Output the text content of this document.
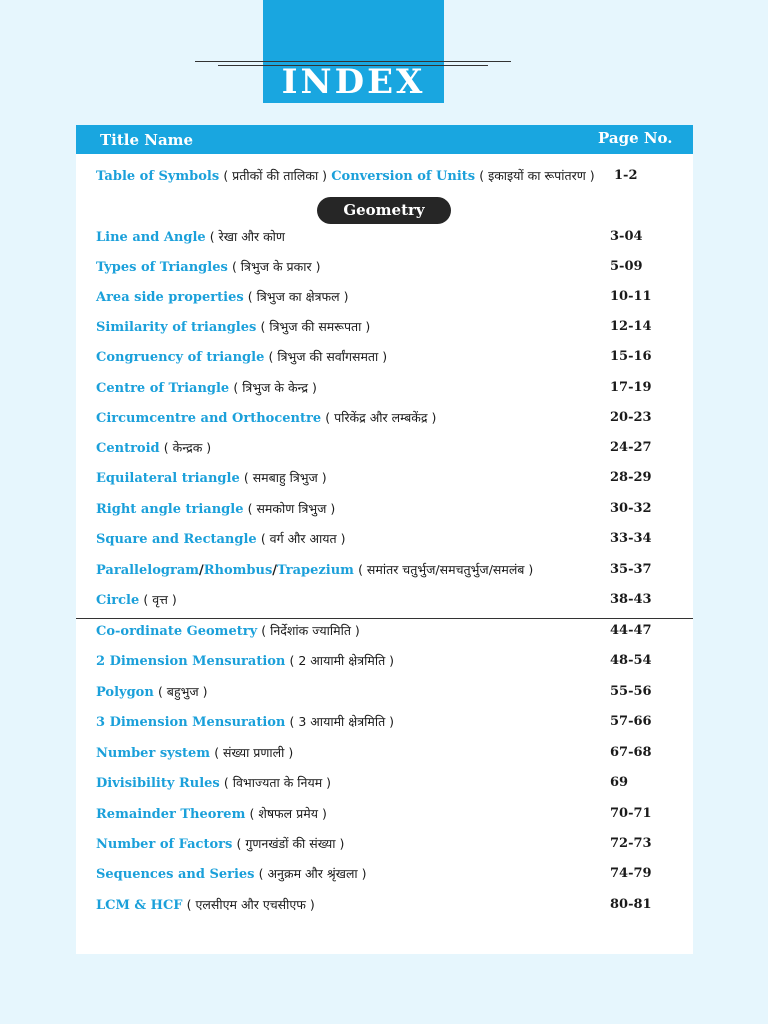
INDEX
Title Name	Page No.
Table of Symbols ( प्रतीकों की तालिका ) Conversion of Units ( इकाइयों का रूपांतरण ) 1-2
Geometry
Line and Angle ( रेखा और कोण	3-04
Types of Triangles ( त्रिभुज के प्रकार )	5-09
Area side properties ( त्रिभुज का क्षेत्रफल )	10-11
Similarity of triangles ( त्रिभुज की समरूपता )	12-14
Congruency of triangle ( त्रिभुज की सर्वांगसमता )	15-16
Centre of Triangle ( त्रिभुज के केन्द्र )	17-19
Circumcentre and Orthocentre ( परिकेंद्र और लम्बकेंद्र )	20-23
Centroid ( केन्द्रक )	24-27
Equilateral triangle ( समबाहु त्रिभुज )	28-29
Right angle triangle ( समकोण त्रिभुज )	30-32
Square and Rectangle ( वर्ग और आयत )	33-34
Parallelogram/Rhombus/Trapezium ( समांतर चतुर्भुज/समचतुर्भुज/समलंब )	35-37
Circle ( वृत्त )	38-43
Co-ordinate Geometry ( निर्देशांक ज्यामिति )	44-47
2 Dimension Mensuration ( 2 आयामी क्षेत्रमिति )	48-54
Polygon ( बहुभुज )	55-56
3 Dimension Mensuration ( 3 आयामी क्षेत्रमिति )	57-66
Number system ( संख्या प्रणाली )	67-68
Divisibility Rules ( विभाज्यता के नियम )	69
Remainder Theorem ( शेषफल प्रमेय )	70-71
Number of Factors ( गुणनखंडों की संख्या )	72-73
Sequences and Series ( अनुक्रम और श्रृंखला )	74-79
LCM & HCF ( एलसीएम और एचसीएफ )	80-81
